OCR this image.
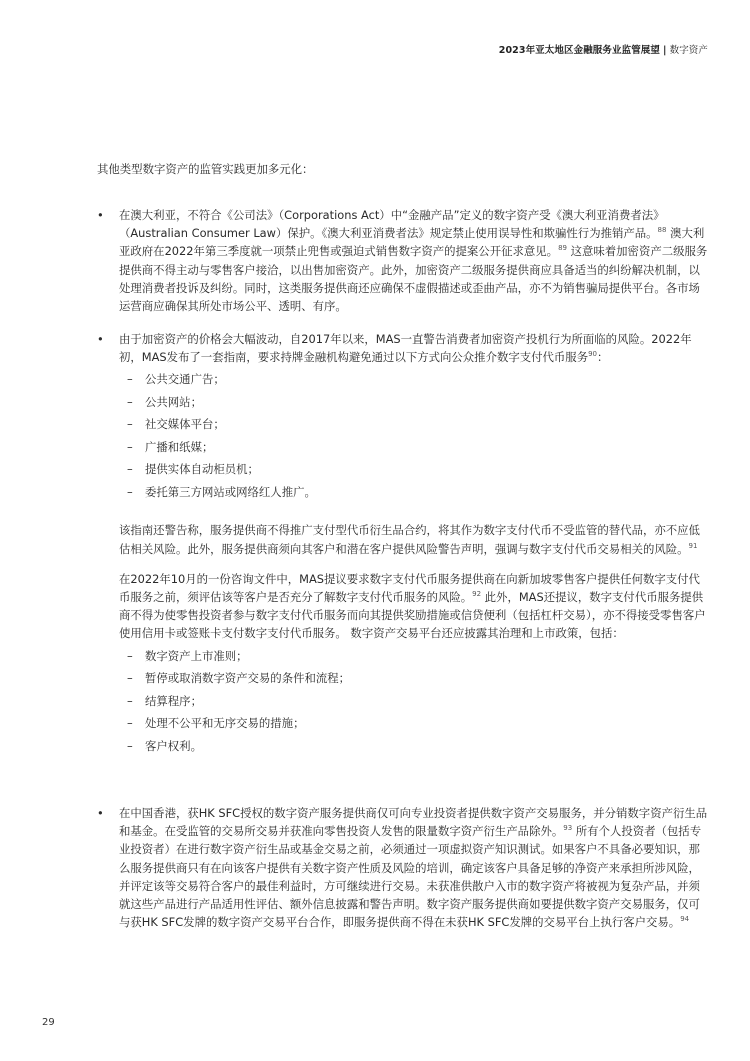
2023年亚太地区金融服务业监管展望 | 数字资产

其他类型数字资产的监管实践更加多元化：

• 在澳大利亚，不符合《公司法》（Corporations Act）中“金融产品”定义的数字资产受《澳大利亚消费者法》（Australian Consumer Law）保护。《澳大利亚消费者法》规定禁止使用误导性和欺骗性行为推销产品。$^{88}$ 澳大利亚政府在2022年第三季度就一项禁止兜售或强迫式销售数字资产的提案公开征求意见。$^{89}$ 这意味着加密资产二级服务提供商不得主动与零售客户接洽，以出售加密资产。此外，加密资产二级服务提供商应具备适当的纠纷解决机制，以处理消费者投诉及纠纷。同时，这类服务提供商还应确保不虚假描述或歪曲产品，亦不为销售骗局提供平台。各市场运营商应确保其所处市场公平、透明、有序。

• 由于加密资产的价格会大幅波动，自2017年以来，MAS一直警告消费者加密资产投机行为所面临的风险。2022年初，MAS发布了一套指南，要求持牌金融机构避免通过以下方式向公众推介数字支付代币服务$^{90}$：

– 公共交通广告；
– 公共网站；
– 社交媒体平台；
– 广播和纸媒；
– 提供实体自动柜员机；
– 委托第三方网站或网络红人推广。

该指南还警告称，服务提供商不得推广支付型代币衍生品合约，将其作为数字支付代币不受监管的替代品，亦不应低估相关风险。此外，服务提供商须向其客户和潜在客户提供风险警告声明，强调与数字支付代币交易相关的风险。$^{91}$

在2022年10月的一份咨询文件中，MAS提议要求数字支付代币服务提供商在向新加坡零售客户提供任何数字支付代币服务之前，须评估该等客户是否充分了解数字支付代币服务的风险。$^{92}$ 此外，MAS还提议，数字支付代币服务提供商不得为使零售投资者参与数字支付代币服务而向其提供奖励措施或信贷便利（包括杠杆交易），亦不得接受零售客户使用信用卡或签账卡支付数字支付代币服务。 数字资产交易平台还应披露其治理和上市政策，包括：

– 数字资产上市准则；
– 暂停或取消数字资产交易的条件和流程；
– 结算程序；
– 处理不公平和无序交易的措施；
– 客户权利。
• 在中国香港，获HK SFC授权的数字资产服务提供商仅可向专业投资者提供数字资产交易服务，并分销数字资产衍生品和基金。在受监管的交易所交易并获准向零售投资人发售的限量数字资产衍生产品除外。$^{93}$ 所有个人投资者（包括专业投资者）在进行数字资产衍生品或基金交易之前，必须通过一项虚拟资产知识测试。如果客户不具备必要知识，那么服务提供商只有在向该客户提供有关数字资产性质及风险的培训，确定该客户具备足够的净资产来承担所涉风险，并评定该等交易符合客户的最佳利益时，方可继续进行交易。未获准供散户入市的数字资产将被视为复杂产品，并须就这些产品进行产品适用性评估、额外信息披露和警告声明。数字资产服务提供商如要提供数字资产交易服务，仅可与获HK SFC发牌的数字资产交易平台合作，即服务提供商不得在未获HK SFC发牌的交易平台上执行客户交易。$^{94}$

29
